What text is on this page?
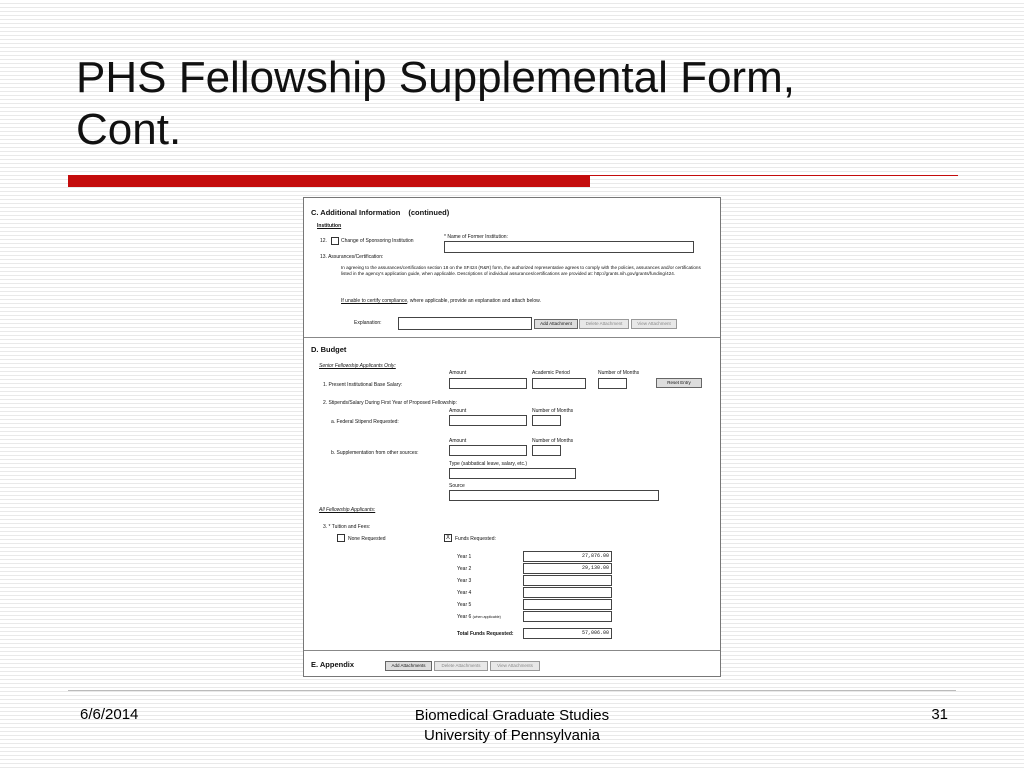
PHS Fellowship Supplemental Form,
Cont.
C. Additional Information (continued)
Institution
12.	Change of Sponsoring Institution
* Name of Former Institution:
13. Assurances/Certification:
In agreeing to the assurances/certification section 18 on the SF424 (R&R) form, the authorized representative agrees to comply with the policies, assurances and/or certifications listed in the agency's application guide, when applicable. Descriptions of individual assurances/certifications are provided at: http://grants.nih.gov/grants/funding/424.
If unable to certify compliance, where applicable, provide an explanation and attach below.
Explanation:	Add Attachment	Delete Attachment	View Attachment
D. Budget
Senior Fellowship Applicants Only:
Amount	Academic Period	Number of Months
1. Present Institutional Base Salary:	Reset Entry
2. Stipends/Salary During First Year of Proposed Fellowship:
Amount	Number of Months
a. Federal Stipend Requested:
Amount	Number of Months
b. Supplementation from other sources:
Type (sabbatical leave, salary, etc.)
Source
All Fellowship Applicants:
3. * Tuition and Fees:
None Requested	X	Funds Requested:
Year 1	27,876.00
Year 2	29,130.00
Year 3
Year 4
Year 5
Year 6 (when applicable)
Total Funds Requested:	57,006.00
E. Appendix	Add Attachments	Delete Attachments	View Attachments
6/6/2014	Biomedical Graduate Studies
University of Pennsylvania
31
